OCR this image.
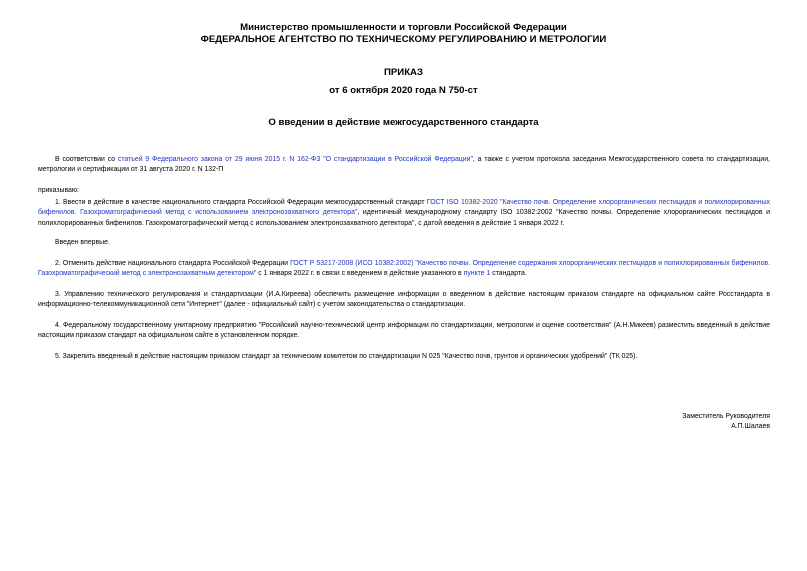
Министерство промышленности и торговли Российской Федерации
ФЕДЕРАЛЬНОЕ АГЕНТСТВО ПО ТЕХНИЧЕСКОМУ РЕГУЛИРОВАНИЮ И МЕТРОЛОГИИ
ПРИКАЗ
от 6 октября 2020 года N 750-ст
О введении в действие межгосударственного стандарта

В соответствии со статьей 9 Федерального закона от 29 июня 2015 г. N 162-ФЗ "О стандартизации в Российской Федерации", а также с учетом протокола заседания Межгосударственного совета по стандартизации, метрологии и сертификации от 31 августа 2020 г. N 132-П

приказываю:

1. Ввести в действие в качестве национального стандарта Российской Федерации межгосударственный стандарт ГОСТ ISO 10382-2020 "Качество почв. Определение хлорорганических пестицидов и полихлорированных бифенилов. Газохроматографический метод с использованием электронозахватного детектора", идентичный международному стандарту ISO 10382:2002 "Качество почвы. Определение хлорорганических пестицидов и полихлорированных бифенилов. Газохроматографический метод с использованием электронозахватного детектора", с датой введения в действие 1 января 2022 г.

Введен впервые.

2. Отменить действие национального стандарта Российской Федерации ГОСТ Р 53217-2008 (ИСО 10382:2002) "Качество почвы. Определение содержания хлорорганических пестицидов и полихлорированных бифенилов. Газохроматографический метод с электронозахватным детектором" с 1 января 2022 г. в связи с введением в действие указанного в пункте 1 стандарта.

3. Управлению технического регулирования и стандартизации (И.А.Киреева) обеспечить размещение информации о введенном в действие настоящим приказом стандарте на официальном сайте Росстандарта в информационно-телекоммуникационной сети "Интернет" (далее - официальный сайт) с учетом законодательства о стандартизации.

4. Федеральному государственному унитарному предприятию "Российский научно-технический центр информации по стандартизации, метрологии и оценке соответствия" (А.Н.Микеев) разместить введенный в действие настоящим приказом стандарт на официальном сайте в установленном порядке.

5. Закрепить введенный в действие настоящим приказом стандарт за техническим комитетом по стандартизации N 025 "Качество почв, грунтов и органических удобрений" (ТК 025).

Заместитель Руководителя
А.П.Шалаев
